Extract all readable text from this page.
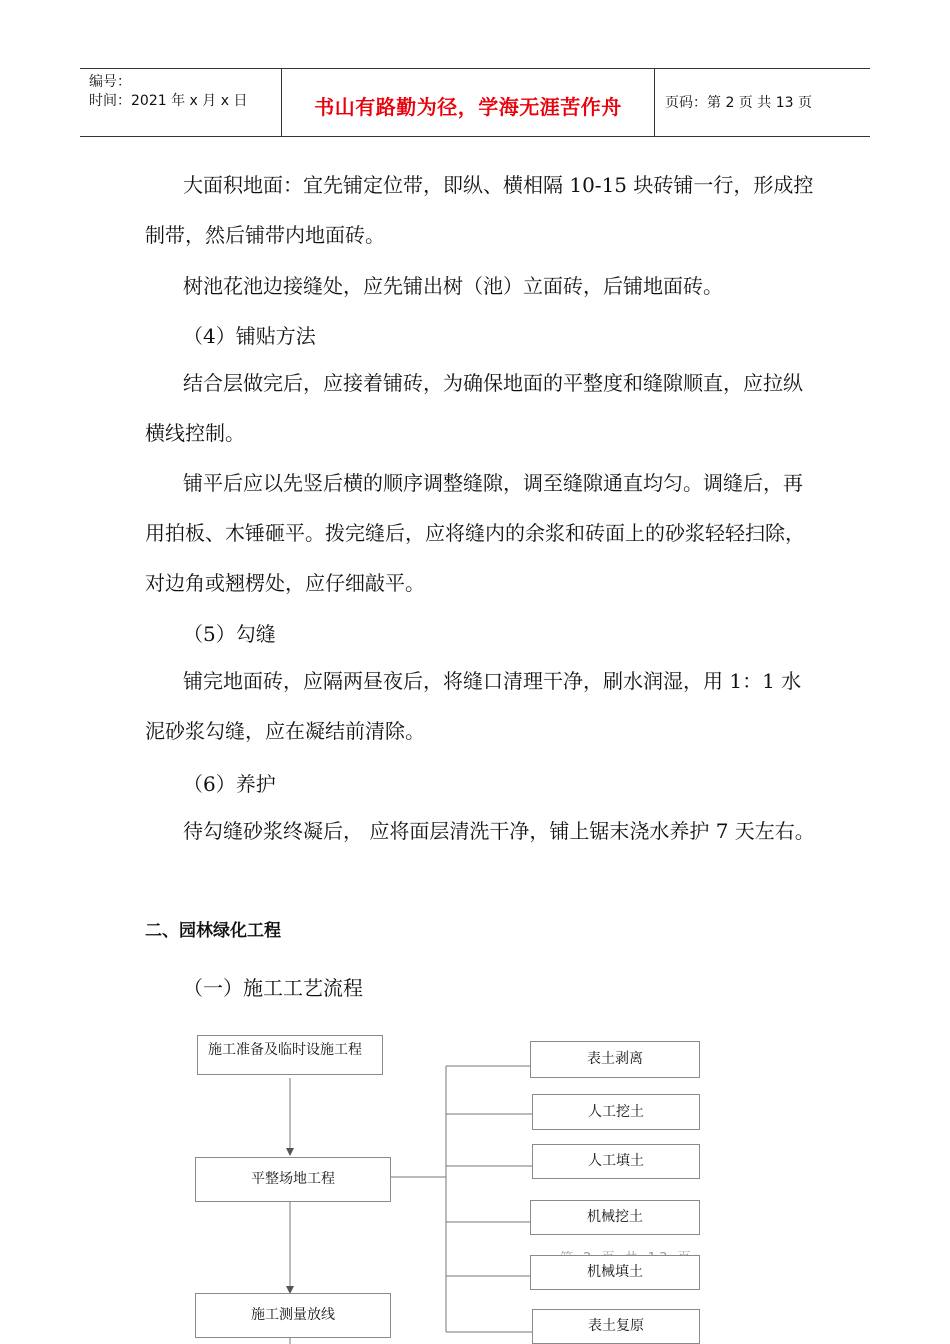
编号：
时间：2021 年 x 月 x 日	书山有路勤为径，学海无涯苦作舟	页码：第 2 页 共 13 页

大面积地面：宜先铺定位带，即纵、横相隔 10-15 块砖铺一行，形成控制带，然后铺带内地面砖。

树池花池边接缝处，应先铺出树（池）立面砖，后铺地面砖。
（4）铺贴方法

结合层做完后，应接着铺砖，为确保地面的平整度和缝隙顺直，应拉纵横线控制。

铺平后应以先竖后横的顺序调整缝隙，调至缝隙通直均匀。调缝后，再用拍板、木锤砸平。拨完缝后，应将缝内的余浆和砖面上的砂浆轻轻扫除，对边角或翘楞处，应仔细敲平。

（5）勾缝

铺完地面砖，应隔两昼夜后，将缝口清理干净，刷水润湿，用 1：1 水泥砂浆勾缝，应在凝结前清除。

（6）养护

待勾缝砂浆终凝后， 应将面层清洗干净，铺上锯末浇水养护 7 天左右。

二、园林绿化工程
（一）施工工艺流程
施工准备及临时设施工程
平整场地工程
施工测量放线
表土剥离
人工挖土
人工填土
机械挖土
机械填土
表土复原
